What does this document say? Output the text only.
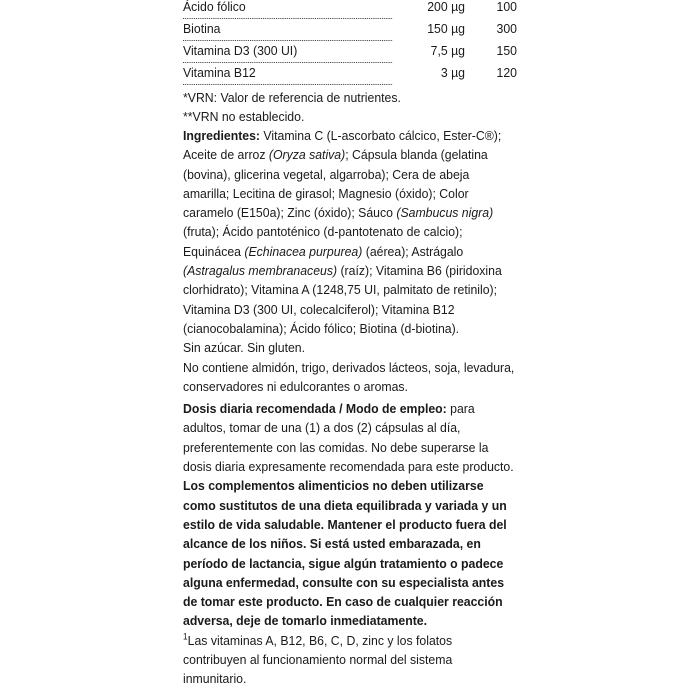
Ácido fólico	200 µg	100

Biotina	150 µg	300

Vitamina D3 (300 UI)	7,5 µg	150

Vitamina B12	3 µg	120
*VRN: Valor de referencia de nutrientes.
**VRN no establecido.

Ingredientes: Vitamina C (L-ascorbato cálcico, Ester-C®); Aceite de arroz (Oryza sativa); Cápsula blanda (gelatina (bovina), glicerina vegetal, algarroba); Cera de abeja amarilla; Lecitina de girasol; Magnesio (óxido); Color caramelo (E150a); Zinc (óxido); Sáuco (Sambucus nigra) (fruta); Ácido pantoténico (d-pantotenato de calcio); Equinácea (Echinacea purpurea) (aérea); Astrágalo (Astragalus membranaceus) (raíz); Vitamina B6 (piridoxina clorhidrato); Vitamina A (1248,75 UI, palmitato de retinilo); Vitamina D3 (300 UI, colecalciferol); Vitamina B12 (cianocobalamina); Ácido fólico; Biotina (d-biotina).

Sin azúcar. Sin gluten.

No contiene almidón, trigo, derivados lácteos, soja, levadura, conservadores ni edulcorantes o aromas.

Dosis diaria recomendada / Modo de empleo: para adultos, tomar de una (1) a dos (2) cápsulas al día, preferentemente con las comidas. No debe superarse la dosis diaria expresamente recomendada para este producto.

Los complementos alimenticios no deben utilizarse como sustitutos de una dieta equilibrada y variada y un estilo de vida saludable. Mantener el producto fuera del alcance de los niños. Si está usted embarazada, en período de lactancia, sigue algún tratamiento o padece alguna enfermedad, consulte con su especialista antes de tomar este producto. En caso de cualquier reacción adversa, deje de tomarlo inmediatamente.

$^1$Las vitaminas A, B12, B6, C, D, zinc y los folatos contribuyen al funcionamiento normal del sistema inmunitario.
